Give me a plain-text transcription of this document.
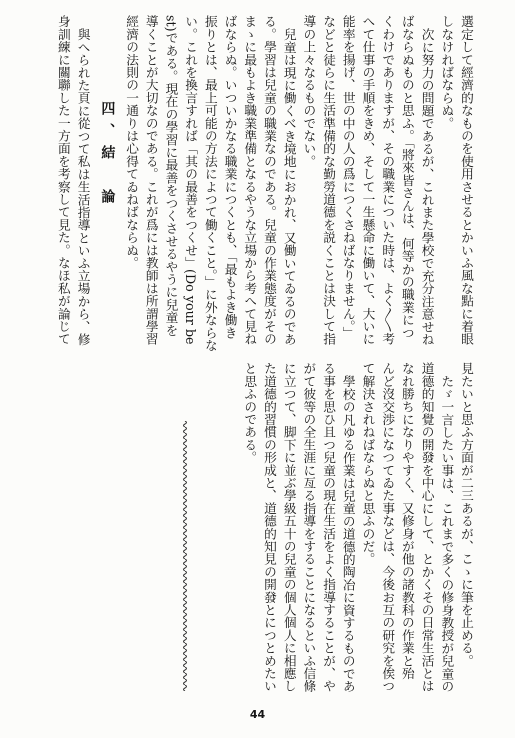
選定して經濟的なものを使用させるとかいふ風な點に着眼
しなければならぬ。
次に努力の問題であるが、これまた學校で充分注意せね
ばならぬものと思ふ。「將來皆さんは、何等かの職業につ
くわけでありますが、その職業についた時は、よく〳〵考
へて仕事の手順をきめ、そして一生懸命に働いて、大いに
能率を揚げ、世の中の人の爲につくさねばなりません。」
などと徒らに生活準備的な勤勞道德を説くことは決して指
導の上々なるものでない。
兒童は現に働くべき境地におかれ、又働いてゐるのであ
る。學習は兒童の職業なのである。兒童の作業態度がその
まゝに最もよき職業準備となるやうな立場から考へて見ね
ばならぬ。いついかなる職業につくとも、「最もよき働き
振りとは、最上可能の方法によつて働くこと。」に外ならな
い。これを換言すれば「其の最善をつくせ」(Do your be
st)である。現在の學習に最善をつくさせるやうに兒童を
導くことが大切なのである。これが爲には教師は所謂學習
經濟の法則の一通りは心得てゐねばならぬ。
四、結　論
與へられた頁に從つて私は生活指導といふ立場から、修
身訓練に關聯した一方面を考察して見た。なほ私が論じて
見たいと思ふ方面が二三あるが、こゝに筆を止める。
たゞ一言したい事は、これまで多くの修身教授が兒童の
道德的知覺の開發を中心にして、とかくその日常生活とは
なれ勝ちになりやすく、又修身が他の諸教科の作業と殆
んど沒交渉になつてゐた事などは、今後お互の研究を俟つ
て解決されねばならぬと思ふのだ。
學校の凡ゆる作業は兒童の道德的陶冶に資するものであ
る事を思ひ且つ兒童の現在生活をよく指導することが、や
がて彼等の全生涯に亙る指導をすることになるといふ信條
に立つて、脚下に並ぶ學級五十の兒童の個人個人に相應し
た道德的習慣の形成と、道德的知見の開發とにつとめたい
と思ふのである。
44
